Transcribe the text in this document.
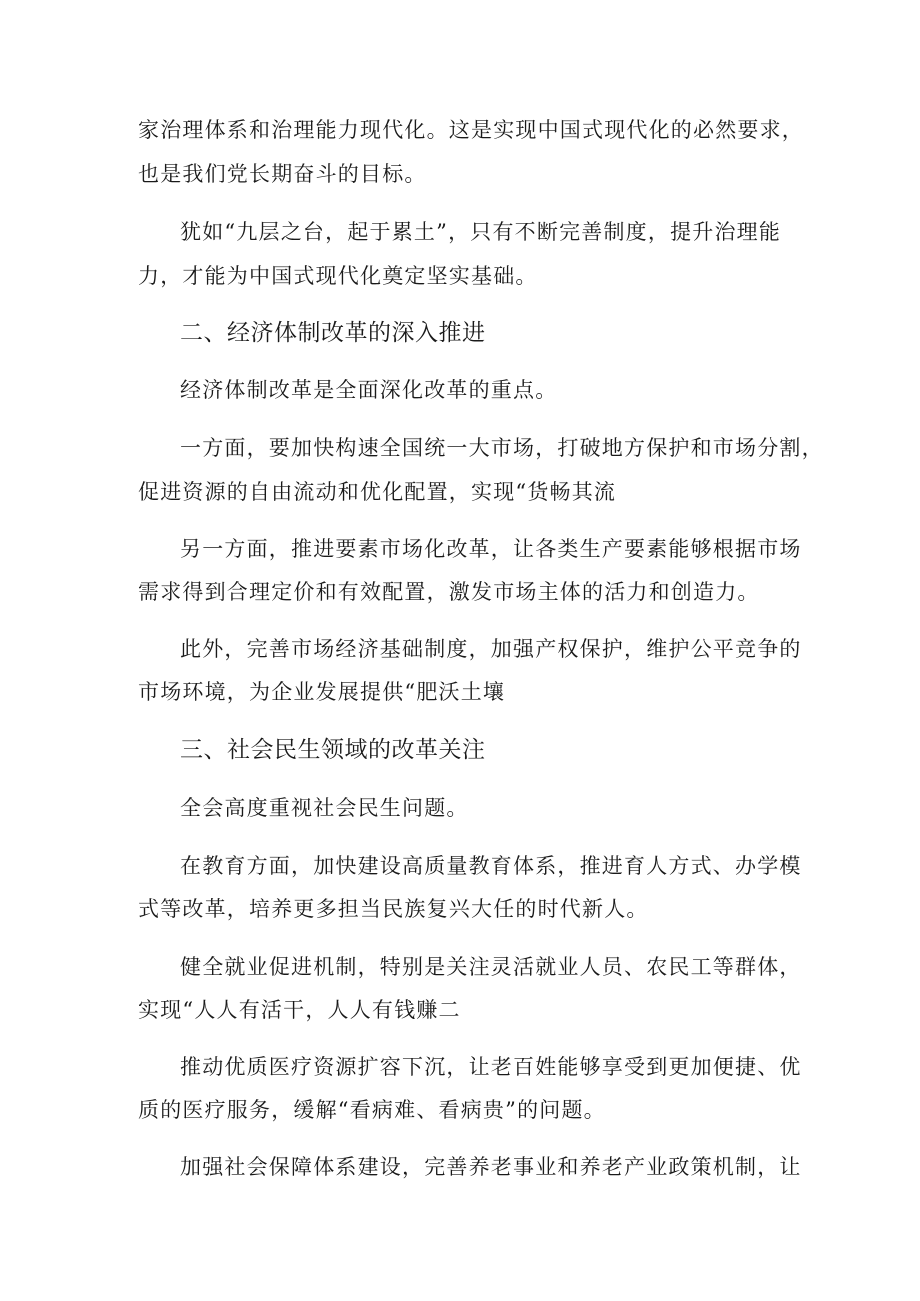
家治理体系和治理能力现代化。这是实现中国式现代化的必然要求，
也是我们党长期奋斗的目标。
犹如“九层之台，起于累土”，只有不断完善制度，提升治理能
力，才能为中国式现代化奠定坚实基础。
二、经济体制改革的深入推进
经济体制改革是全面深化改革的重点。
一方面，要加快构速全国统一大市场，打破地方保护和市场分割，
促进资源的自由流动和优化配置，实现“货畅其流
另一方面，推进要素市场化改革，让各类生产要素能够根据市场
需求得到合理定价和有效配置，激发市场主体的活力和创造力。
此外，完善市场经济基础制度，加强产权保护，维护公平竞争的
市场环境，为企业发展提供“肥沃土壤
三、社会民生领域的改革关注
全会高度重视社会民生问题。
在教育方面，加快建设高质量教育体系，推进育人方式、办学模
式等改革，培养更多担当民族复兴大任的时代新人。
健全就业促进机制，特别是关注灵活就业人员、农民工等群体，
实现“人人有活干，人人有钱赚二
推动优质医疗资源扩容下沉，让老百姓能够享受到更加便捷、优
质的医疗服务，缓解“看病难、看病贵”的问题。
加强社会保障体系建设，完善养老事业和养老产业政策机制，让
